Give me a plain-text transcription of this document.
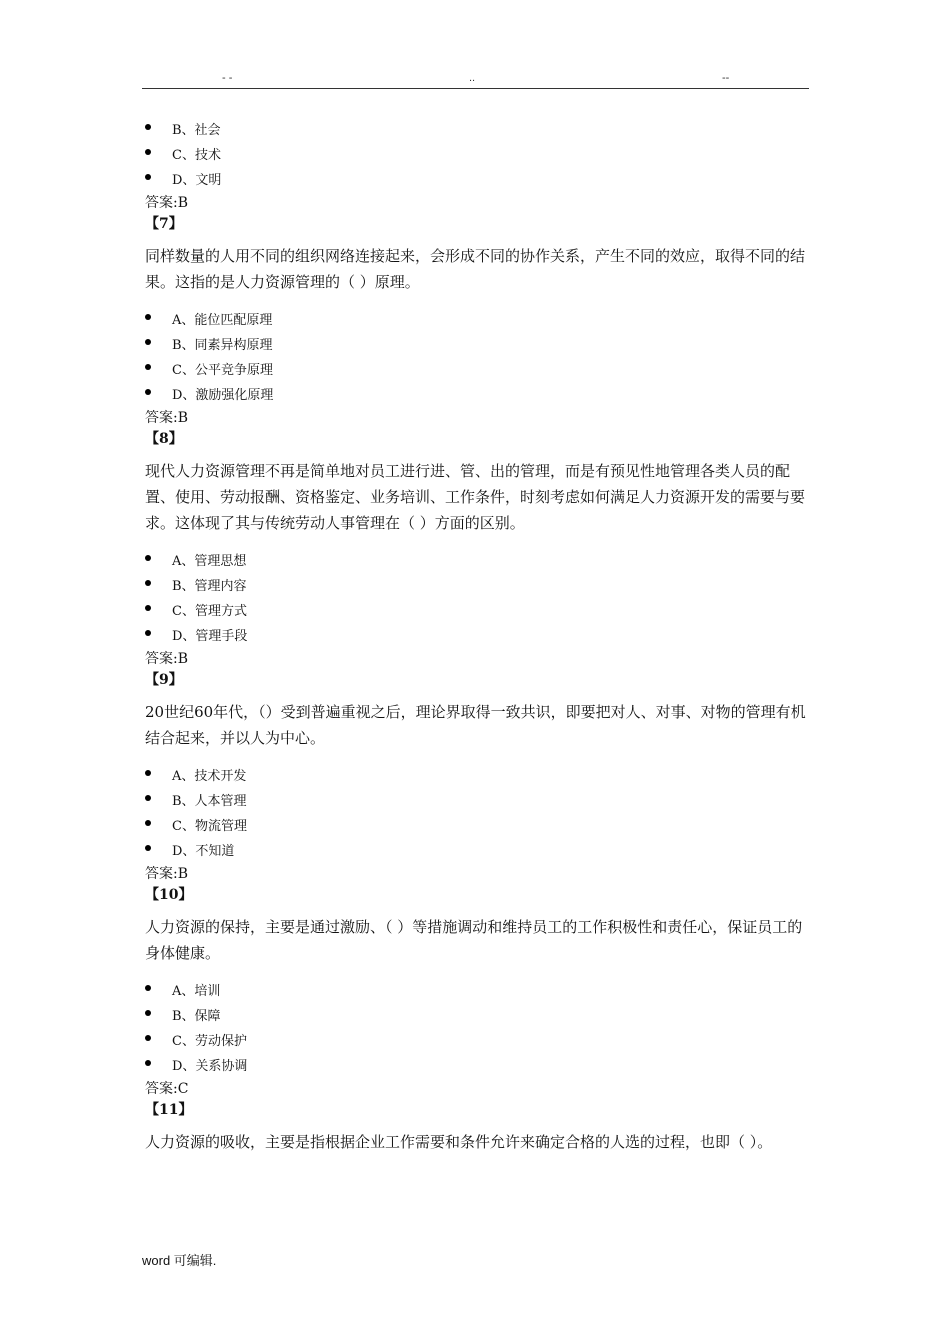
- -	..	--
B、社会
C、技术
D、文明
答案:B
【7】
同样数量的人用不同的组织网络连接起来，会形成不同的协作关系，产生不同的效应，取得不同的结果。这指的是人力资源管理的（ ）原理。
A、能位匹配原理
B、同素异构原理
C、公平竞争原理
D、激励强化原理
答案:B
【8】
现代人力资源管理不再是简单地对员工进行进、管、出的管理，而是有预见性地管理各类人员的配置、使用、劳动报酬、资格鉴定、业务培训、工作条件，时刻考虑如何满足人力资源开发的需要与要求。这体现了其与传统劳动人事管理在（ ）方面的区别。
A、管理思想
B、管理内容
C、管理方式
D、管理手段
答案:B
【9】
20世纪60年代，（）受到普遍重视之后，理论界取得一致共识，即要把对人、对事、对物的管理有机结合起来，并以人为中心。
A、技术开发
B、人本管理
C、物流管理
D、不知道
答案:B
【10】
人力资源的保持，主要是通过激励、（ ）等措施调动和维持员工的工作积极性和责任心，保证员工的身体健康。
A、培训
B、保障
C、劳动保护
D、关系协调
答案:C
【11】
人力资源的吸收，主要是指根据企业工作需要和条件允许来确定合格的人选的过程，也即（ ）。
word 可编辑.
